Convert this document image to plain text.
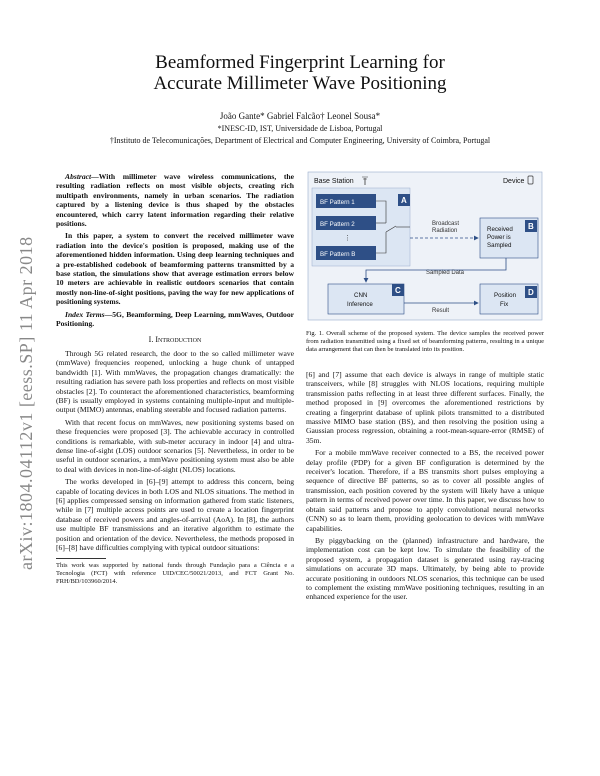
Beamformed Fingerprint Learning for
Accurate Millimeter Wave Positioning
João Gante* Gabriel Falcão† Leonel Sousa*
*INESC-ID, IST, Universidade de Lisboa, Portugal
†Instituto de Telecomunicações, Department of Electrical and Computer Engineering, University of Coimbra, Portugal
arXiv:1804.04112v1 [eess.SP] 11 Apr 2018

Abstract—With millimeter wave wireless communications, the resulting radiation reflects on most visible objects, creating rich multipath environments, namely in urban scenarios. The radiation captured by a listening device is thus shaped by the obstacles encountered, which carry latent information regarding their relative positions.

In this paper, a system to convert the received millimeter wave radiation into the device's position is proposed, making use of the aforementioned hidden information. Using deep learning techniques and a pre-established codebook of beamforming patterns transmitted by a base station, the simulations show that average estimation errors below 10 meters are achievable in realistic outdoors scenarios that contain mostly non-line-of-sight positions, paving the way for new applications of positioning systems.

Index Terms—5G, Beamforming, Deep Learning, mmWaves, Outdoor Positioning.

I. Introduction

Through 5G related research, the door to the so called millimeter wave (mmWave) frequencies reopened, unlocking a huge chunk of untapped bandwidth [1]. With mmWaves, the propagation changes dramatically: the resulting radiation has severe path loss properties and reflects on most visible obstacles [2]. To counteract the aforementioned characteristics, beamforming (BF) is usually employed in systems containing multiple-input and multiple-output (MIMO) antennas, enabling steerable and focused radiation patterns.

With that recent focus on mmWaves, new positioning systems based on these frequencies were proposed [3]. The achievable accuracy in controlled conditions is remarkable, with sub-meter accuracy in indoor [4] and ultra-dense line-of-sight (LOS) outdoor scenarios [5]. Nevertheless, in order to be useful in outdoor scenarios, a mmWave positioning system must also be able to deal with devices in non-line-of-sight (NLOS) locations.

The works developed in [6]–[9] attempt to address this concern, being capable of locating devices in both LOS and NLOS situations. The method in [6] applies compressed sensing on information gathered from static listeners, while in [7] multiple access points are used to create a location fingerprint database of received powers and angles-of-arrival (AoA). In [8], the authors use multiple BF transmissions and an iterative algorithm to estimate the position and orientation of the device. Nevertheless, the methods proposed in [6]–[8] have difficulties complying with typical outdoor situations:

This work was supported by national funds through Fundação para a Ciência e a Tecnologia (FCT) with reference UID/CEC/50021/2013, and FCT Grant No. FRH/BD/103960/2014.
Base Station	Device
BF Pattern 1
BF Pattern 2
⋮
BF Pattern B
A
Broadcast
Radiation	Received
Power is
Sampled
B
Sampled Data
CNN
Inference
C
Result
Position
Fix
D
Fig. 1. Overall scheme of the proposed system. The device samples the received power from radiation transmitted using a fixed set of beamforming patterns, resulting in a unique data arrangement that can then be translated into its position.

[6] and [7] assume that each device is always in range of multiple static transceivers, while [8] struggles with NLOS locations, requiring multiple transmission paths reflecting in at least three different surfaces. Finally, the method proposed in [9] overcomes the aforementioned restrictions by creating a fingerprint database of uplink pilots transmitted to a distributed massive MIMO base station (BS), and then resolving the position using a Gaussian process regression, obtaining a root-mean-square-error (RMSE) of 35m.

For a mobile mmWave receiver connected to a BS, the received power delay profile (PDP) for a given BF configuration is determined by the receiver's location. Therefore, if a BS transmits short pulses employing a sequence of directive BF patterns, so as to cover all possible angles of transmission, each position covered by the system will likely have a unique pattern in terms of received power over time. In this paper, we discuss how to obtain said patterns and propose to apply convolutional neural networks (CNN) so as to learn them, providing geolocation to devices with mmWave capabilities.

By piggybacking on the (planned) infrastructure and hardware, the implementation cost can be kept low. To simulate the feasibility of the proposed system, a propagation dataset is generated using ray-tracing simulations on accurate 3D maps. Ultimately, by being able to provide accurate positioning in outdoors NLOS scenarios, this technique can be used to complement the existing mmWave positioning techniques, resulting in an enhanced experience for the user.
